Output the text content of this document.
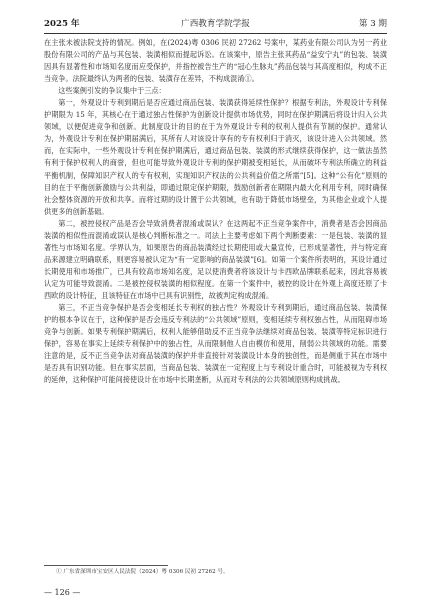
2025 年	广西教育学院学报	第 3 期

在主张未被法院支持的情况。例如，在(2024)粤 0306 民初 27262 号案中，某药业有限公司认为另一药业股份有限公司的产品与其包装、装潢相似而提起诉讼。在该案中，原告主张其药品“益安宁丸”的包装、装潢因具有显著性和市场知名度而应受保护，并指控被告生产的“冠心生脉丸”药品包装与其高度相似，构成不正当竞争。法院最终认为两者的包装、装潢存在差异，不构成混淆①。

这些案例引发的争议集中于三点：

第一，外观设计专利到期后是否应通过商品包装、装潢获得延续性保护？根据专利法，外观设计专利保护期限为 15 年，其核心在于通过独占性保护为创新设计提供市场优势，同时在保护期满后将设计归入公共领域，以便促进竞争和创新。此制度设计的目的在于为外观设计专利的权利人提供有节制的保护。通常认为，外观设计专利在保护期届满后，其所有人对该设计享有的专有权利归于消灭，该设计进入公共领域。然而，在实际中，一些外观设计专利在保护期满后，通过商品包装、装潢的形式继续获得保护，这一做法虽然有利于保护权利人的商誉，但也可能导致外观设计专利的保护期被变相延长，从而破坏专利法所确立的利益平衡机制，保障知识产权人的专有权利，实现知识产权法的公共利益价值之所需”[5]。这种“公有化”原则的目的在于平衡创新激励与公共利益，即通过限定保护期限，鼓励创新者在期限内最大化利用专利，同时确保社会整体资源的开放和共享。而将过期的设计置于公共领域，也有助于降低市场壁垒，为其他企业或个人提供更多的创新基础。

第二，被控侵权产品是否会导致消费者混淆或误认？在这两起不正当竞争案件中，消费者是否会因商品装潢的相似性而混淆或误认是核心判断标准之一。司法上主要考虑如下两个判断要素：一是包装、装潢的显著性与市场知名度。学界认为，如果原告的商品装潢经过长期使用或大量宣传，已形成显著性，并与特定商品来源建立明确联系，则更容易被认定为“有一定影响的商品装潢”[6]。如第一个案件所表明的，其设计通过长期使用和市场推广，已具有较高市场知名度，足以使消费者将该设计与卡西欧品牌联系起来，因此容易被认定为可能导致混淆。二是被控侵权装潢的相似程度。在第一个案件中，被控的设计在外观上高度还原了卡西欧的设计特征，且该特征在市场中已具有识别性，故被判定构成混淆。

第三，不正当竞争保护是否会变相延长专利权的独占性？外观设计专利到期后，通过商品包装、装潢保护的根本争议在于，这种保护是否会违反专利法的“公共领域”原则，变相延续专利权独占性，从而阻碍市场竞争与创新。如果专利保护期满后，权利人能够借助反不正当竞争法继续对商品包装、装潢等特定标识进行保护，容易在事实上延续专利保护中的独占性，从而限制他人自由模仿和使用，削弱公共领域的功能。需要注意的是，反不正当竞争法对商品装潢的保护并非直接针对装潢设计本身的独创性，而是侧重于其在市场中是否具有识别功能。但在事实层面，当商品包装、装潢在一定程度上与专利设计重合时，可能被视为专利权的延伸，这种保护可能间接使设计在市场中长期垄断，从而对专利法的公共领域原则构成挑战。

① 广东省深圳市宝安区人民法院（2024）粤 0306 民初 27262 号。
— 126 —
